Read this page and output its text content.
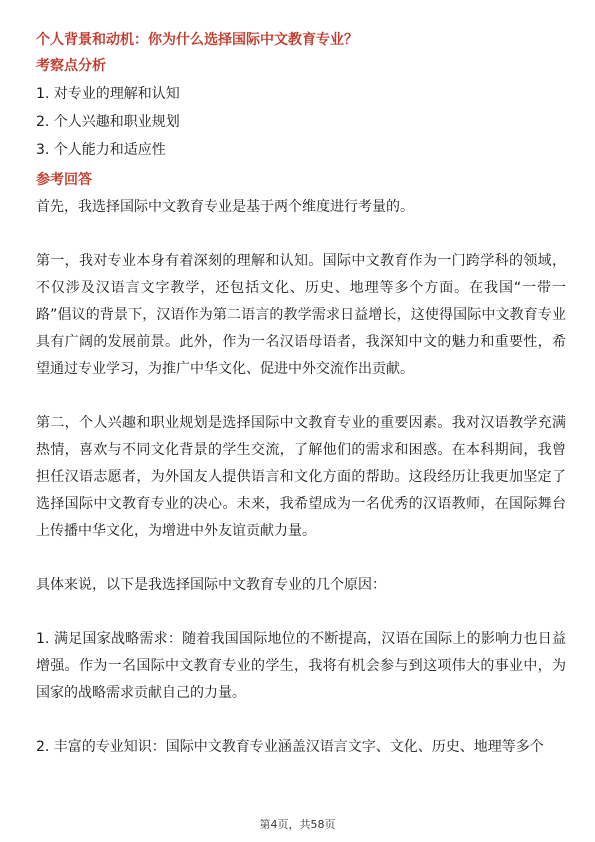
个人背景和动机：你为什么选择国际中文教育专业？

考察点分析

1. 对专业的理解和认知

2. 个人兴趣和职业规划

3. 个人能力和适应性

参考回答

首先，我选择国际中文教育专业是基于两个维度进行考量的。

第一，我对专业本身有着深刻的理解和认知。国际中文教育作为一门跨学科的领域，不仅涉及汉语言文字教学，还包括文化、历史、地理等多个方面。在我国“一带一路”倡议的背景下，汉语作为第二语言的教学需求日益增长，这使得国际中文教育专业具有广阔的发展前景。此外，作为一名汉语母语者，我深知中文的魅力和重要性，希望通过专业学习，为推广中华文化、促进中外交流作出贡献。

第二，个人兴趣和职业规划是选择国际中文教育专业的重要因素。我对汉语教学充满热情，喜欢与不同文化背景的学生交流，了解他们的需求和困惑。在本科期间，我曾担任汉语志愿者，为外国友人提供语言和文化方面的帮助。这段经历让我更加坚定了选择国际中文教育专业的决心。未来，我希望成为一名优秀的汉语教师，在国际舞台上传播中华文化，为增进中外友谊贡献力量。

具体来说，以下是我选择国际中文教育专业的几个原因：

1. 满足国家战略需求：随着我国国际地位的不断提高，汉语在国际上的影响力也日益增强。作为一名国际中文教育专业的学生，我将有机会参与到这项伟大的事业中，为国家的战略需求贡献自己的力量。

2. 丰富的专业知识：国际中文教育专业涵盖汉语言文字、文化、历史、地理等多个

第4页，共58页
